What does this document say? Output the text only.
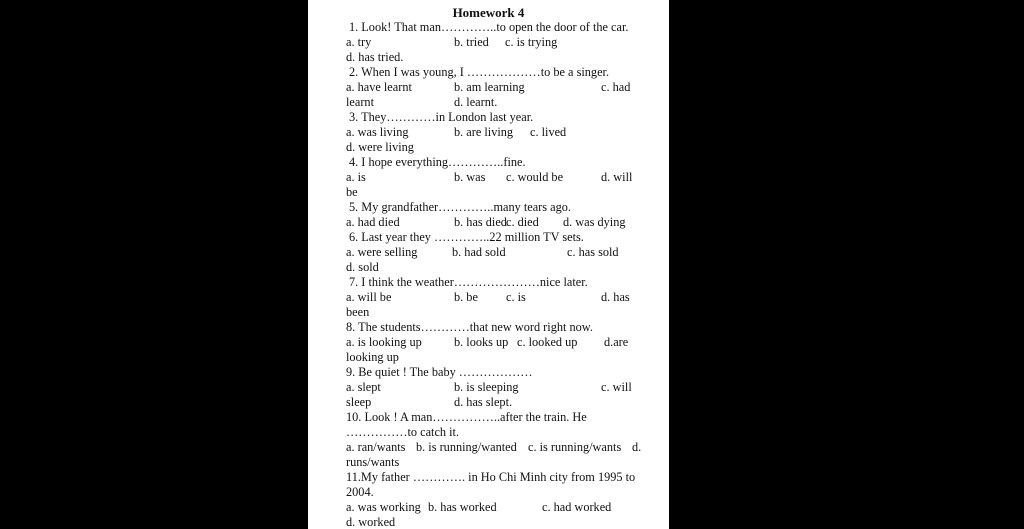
Homework 4
1. Look! That man…………..to open the door of the car.
a. try	b. tried c. is trying
d. has tried.
2. When I was young, I ………………to be a singer.
a. have learnt	b. am learning	c. had
learnt	d. learnt.
3. They…………in London last year.
a. was living	b. are living c. lived
d. were living
4. I hope everything…………..fine.
a. is	b. was c. would be	d. will
be
5. My grandfather…………..many tears ago.
a. had died	b. has died c. died d. was dying
6. Last year they …………..22 million TV sets.
a. were selling	b. had sold	c. has sold
d. sold
7. I think the weather…………………nice later.
a. will be	b. be c. is	d. has
been
8. The students…………that new word right now.
a. is looking up	b. looks up c. looked up d.are
looking up
9. Be quiet ! The baby ………………
a. slept	b. is sleeping	c. will
sleep	d. has slept.
10. Look ! A man……………..after the train. He
……………to catch it.
a. ran/wants b. is running/wanted c. is running/wants d.
runs/wants
11.My father …………. in Ho Chi Minh city from 1995 to
2004.
a. was working b. has worked	c. had worked
d. worked
